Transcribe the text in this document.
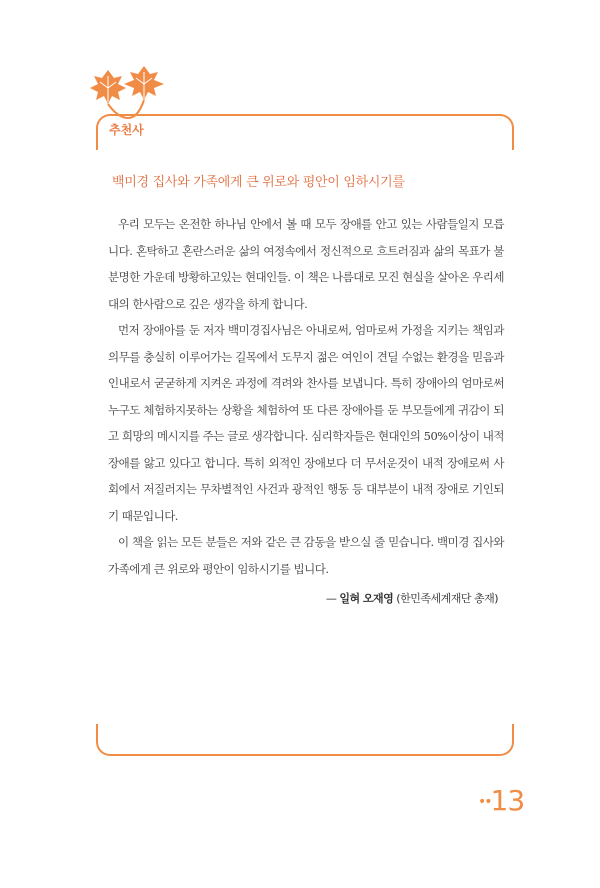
추천사
백미경 집사와 가족에게 큰 위로와 평안이 임하시기를

우리 모두는 온전한 하나님 안에서 볼 때 모두 장애를 안고 있는 사람들일지 모릅니다. 혼탁하고 혼란스러운 삶의 여정속에서 정신적으로 흐트러짐과 삶의 목표가 불분명한 가운데 방황하고있는 현대인들. 이 책은 나름대로 모진 현실을 살아온 우리세대의 한사람으로 깊은 생각을 하게 합니다.

먼저 장애아를 둔 저자 백미경집사님은 아내로써, 엄마로써 가정을 지키는 책임과 의무를 충실히 이루어가는 길목에서 도무지 젊은 여인이 견딜 수없는 환경을 믿음과 인내로서 굳굳하게 지켜온 과정에 격려와 찬사를 보냅니다. 특히 장애아의 엄마로써 누구도 체험하지못하는 상황을 체험하여 또 다른 장애아를 둔 부모들에게 귀감이 되고 희망의 메시지를 주는 글로 생각합니다. 심리학자들은 현대인의 50%이상이 내적 장애를 앓고 있다고 합니다. 특히 외적인 장애보다 더 무서운것이 내적 장애로써 사회에서 저질러지는 무차별적인 사건과 광적인 행동 등 대부분이 내적 장애로 기인되기 때문입니다.

이 책을 읽는 모든 분들은 저와 같은 큰 감동을 받으실 줄 믿습니다. 백미경 집사와 가족에게 큰 위로와 평안이 임하시기를 빕니다.

— 일혀 오재영 (한민족세계재단 총재)
••13
